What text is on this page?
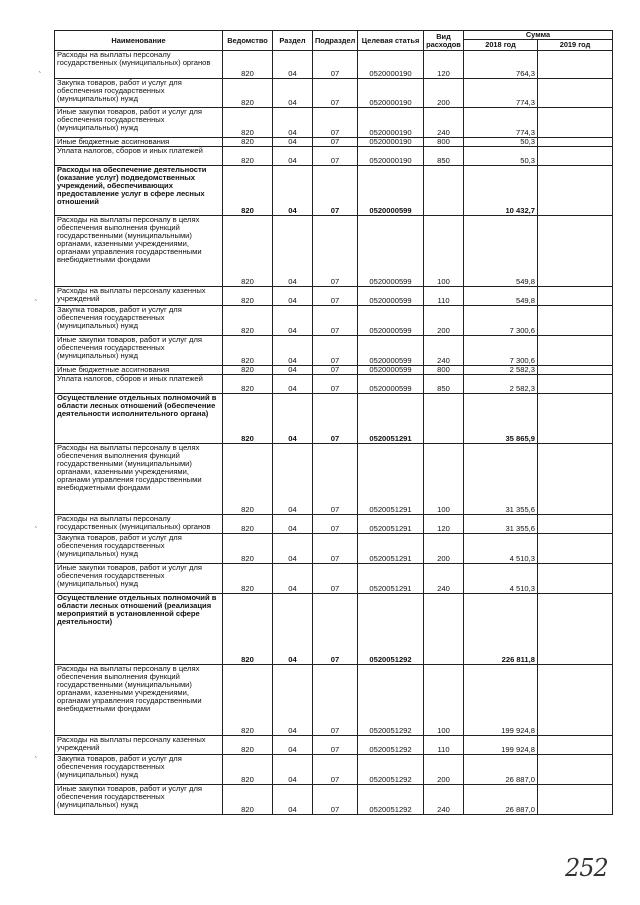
Наименование	Ведомство	Раздел	Подраздел	Целевая статья	Вид расходов	Сумма	
						2018 год	2019 год
Расходы на выплаты персоналу государственных (муниципальных) органов	820	04	07	0520000190	120	764,3	
Закупка товаров, работ и услуг для обеспечения государственных (муниципальных) нужд	820	04	07	0520000190	200	774,3	
Иные закупки товаров, работ и услуг для обеспечения государственных (муниципальных) нужд	820	04	07	0520000190	240	774,3	
Иные бюджетные ассигнования	820	04	07	0520000190	800	50,3	
Уплата налогов, сборов и иных платежей	820	04	07	0520000190	850	50,3	
Расходы на обеспечение деятельности (оказание услуг) подведомственных учреждений, обеспечивающих предоставление услуг в сфере лесных отношений	820	04	07	0520000599		10 432,7	
Расходы на выплаты персоналу в целях обеспечения выполнения функций государственными (муниципальными) органами, казенными учреждениями, органами управления государственными внебюджетными фондами	820	04	07	0520000599	100	549,8	
Расходы на выплаты персоналу казенных учреждений	820	04	07	0520000599	110	549,8	
Закупка товаров, работ и услуг для обеспечения государственных (муниципальных) нужд	820	04	07	0520000599	200	7 300,6	
Иные закупки товаров, работ и услуг для обеспечения государственных (муниципальных) нужд	820	04	07	0520000599	240	7 300,6	
Иные бюджетные ассигнования	820	04	07	0520000599	800	2 582,3	
Уплата налогов, сборов и иных платежей	820	04	07	0520000599	850	2 582,3	
Осуществление отдельных полномочий в области лесных отношений (обеспечение деятельности исполнительного органа)	820	04	07	0520051291		35 865,9	
Расходы на выплаты персоналу в целях обеспечения выполнения функций государственными (муниципальными) органами, казенными учреждениями, органами управления государственными внебюджетными фондами	820	04	07	0520051291	100	31 355,6	
Расходы на выплаты персоналу государственных (муниципальных) органов	820	04	07	0520051291	120	31 355,6	
Закупка товаров, работ и услуг для обеспечения государственных (муниципальных) нужд	820	04	07	0520051291	200	4 510,3	
Иные закупки товаров, работ и услуг для обеспечения государственных (муниципальных) нужд	820	04	07	0520051291	240	4 510,3	
Осуществление отдельных полномочий в области лесных отношений (реализация мероприятий в установленной сфере деятельности)	820	04	07	0520051292		226 811,8	
Расходы на выплаты персоналу в целях обеспечения выполнения функций государственными (муниципальными) органами, казенными учреждениями, органами управления государственными внебюджетными фондами	820	04	07	0520051292	100	199 924,8	
Расходы на выплаты персоналу казенных учреждений	820	04	07	0520051292	110	199 924,8	
Закупка товаров, работ и услуг для обеспечения государственных (муниципальных) нужд	820	04	07	0520051292	200	26 887,0	
Иные закупки товаров, работ и услуг для обеспечения государственных (муниципальных) нужд	820	04	07	0520051292	240	26 887,0	
`
`
`
`
252
